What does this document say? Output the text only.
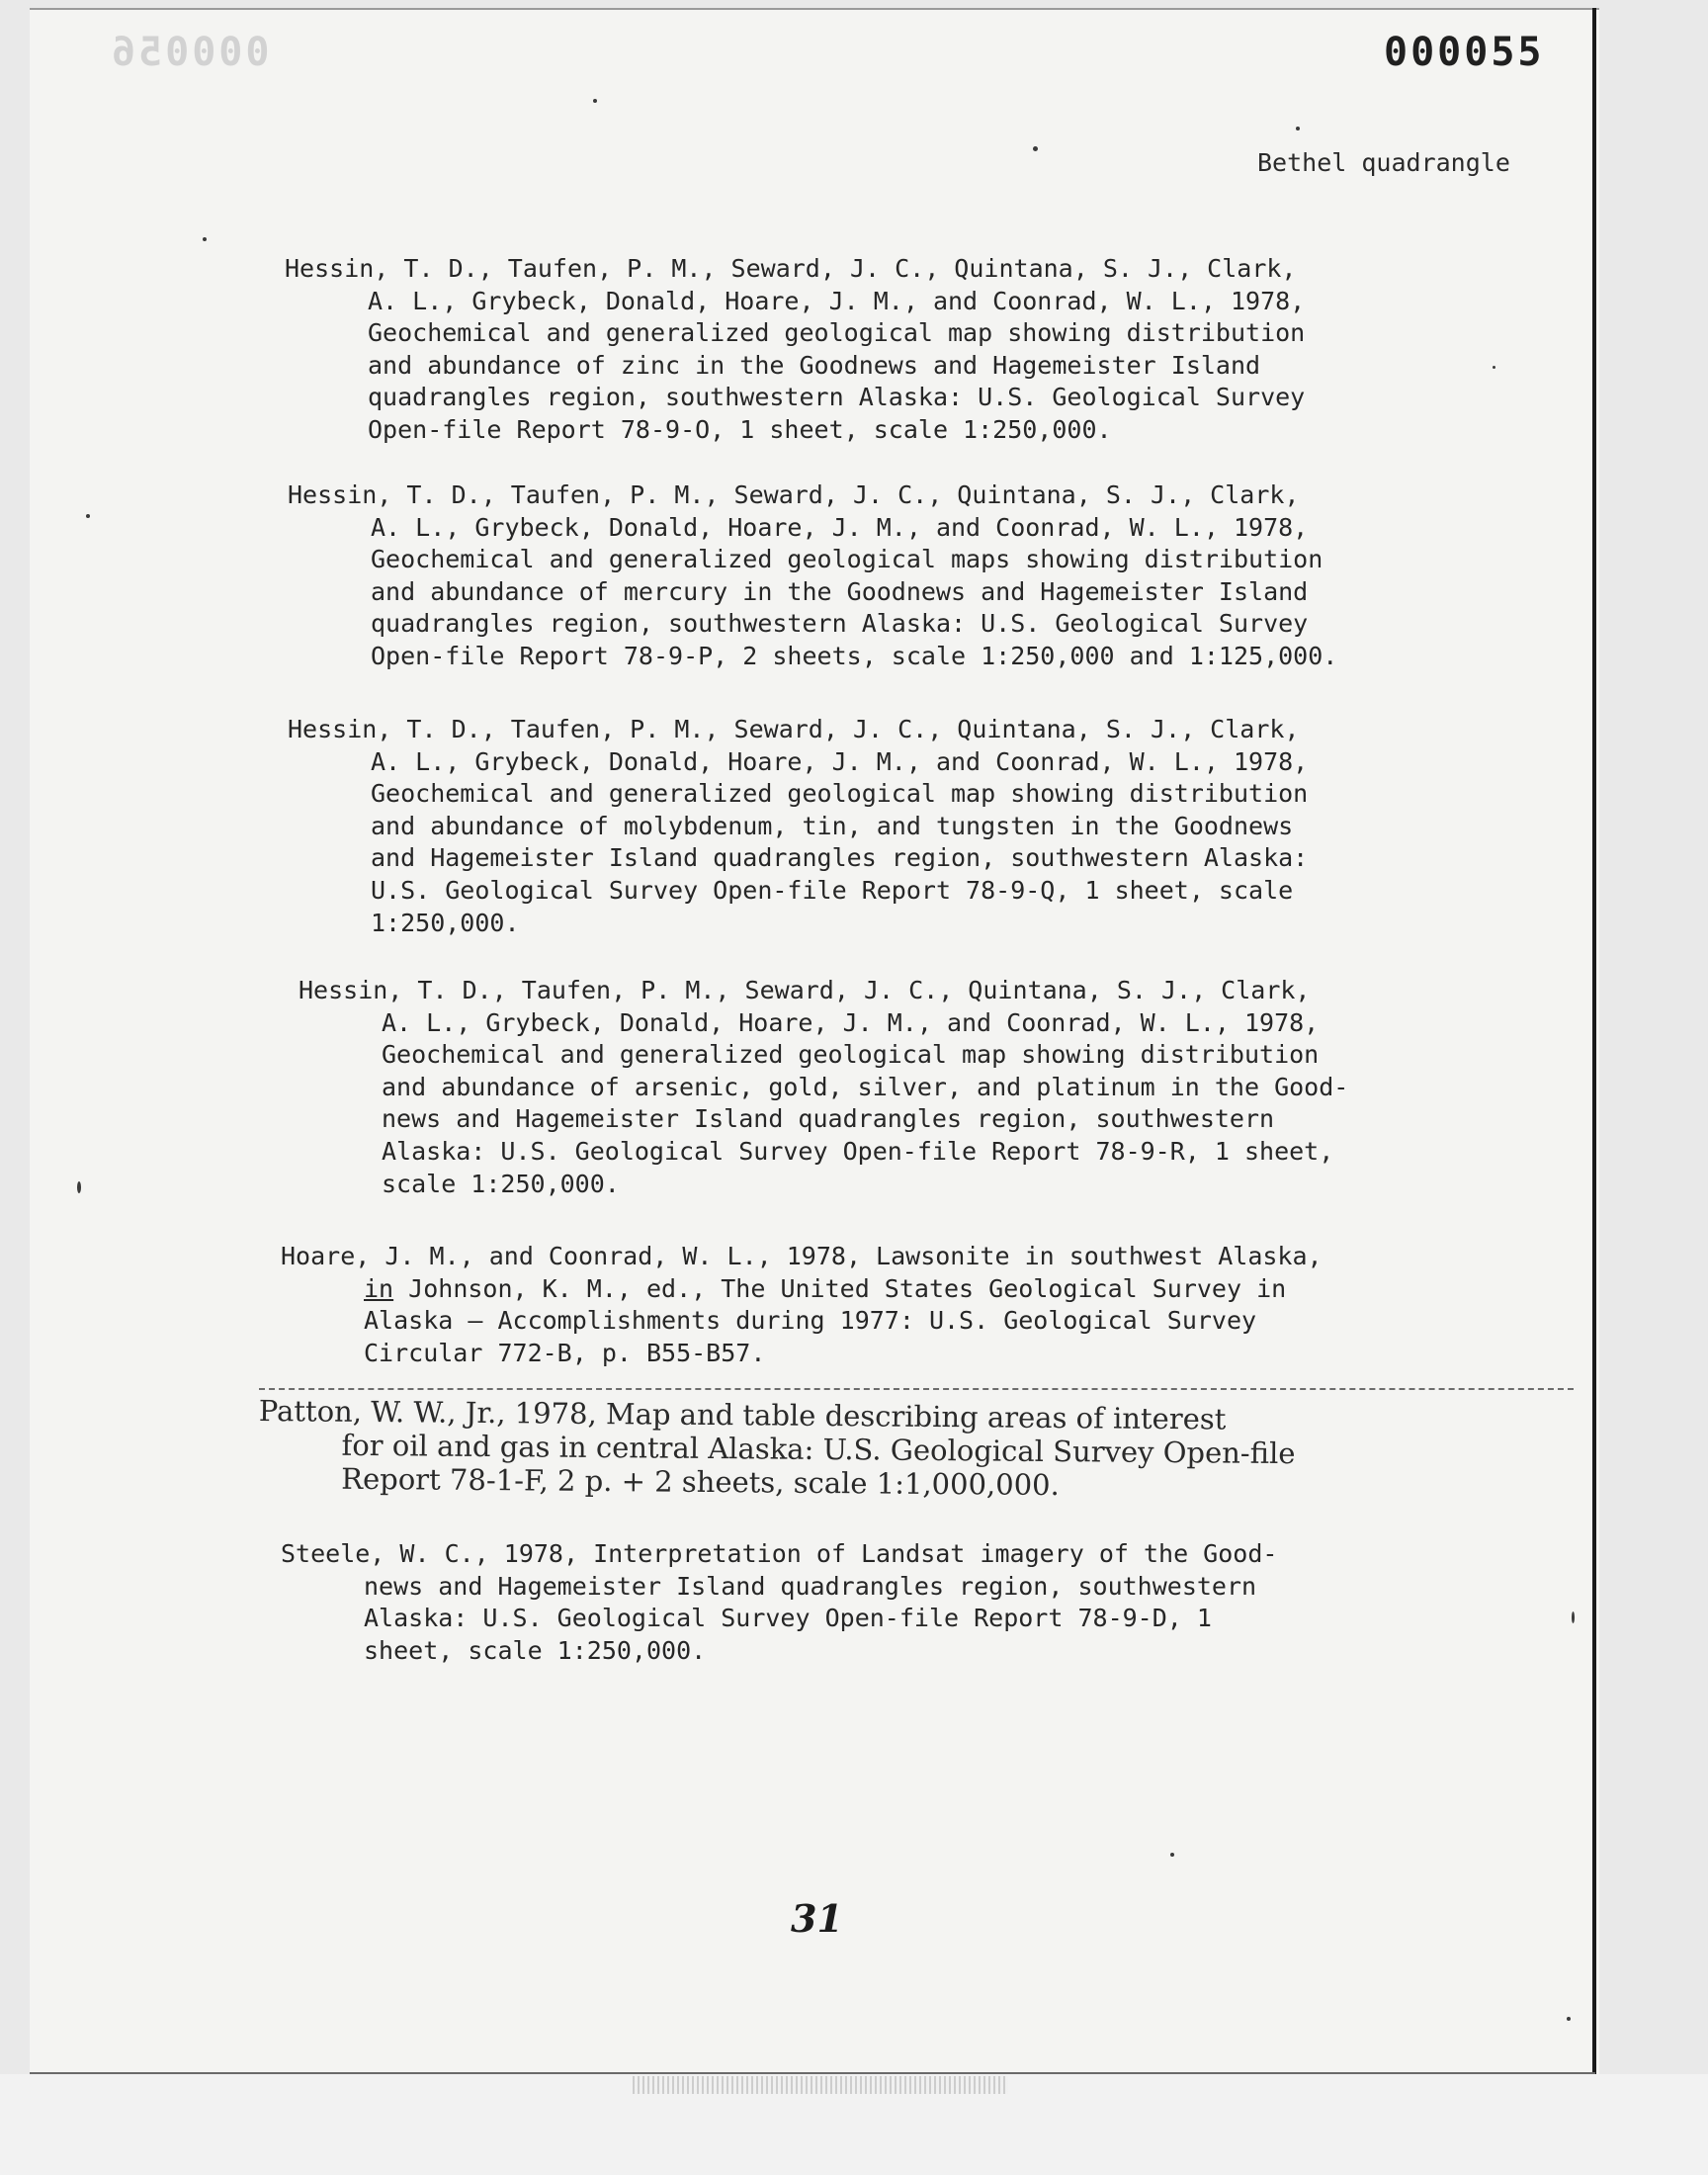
000056	000055
Bethel quadrangle
Hessin, T. D., Taufen, P. M., Seward, J. C., Quintana, S. J., Clark,
A. L., Grybeck, Donald, Hoare, J. M., and Coonrad, W. L., 1978,
Geochemical and generalized geological map showing distribution
and abundance of zinc in the Goodnews and Hagemeister Island
quadrangles region, southwestern Alaska: U.S. Geological Survey
Open-file Report 78-9-O, 1 sheet, scale 1:250,000.
Hessin, T. D., Taufen, P. M., Seward, J. C., Quintana, S. J., Clark,
A. L., Grybeck, Donald, Hoare, J. M., and Coonrad, W. L., 1978,
Geochemical and generalized geological maps showing distribution
and abundance of mercury in the Goodnews and Hagemeister Island
quadrangles region, southwestern Alaska: U.S. Geological Survey
Open-file Report 78-9-P, 2 sheets, scale 1:250,000 and 1:125,000.
Hessin, T. D., Taufen, P. M., Seward, J. C., Quintana, S. J., Clark,
A. L., Grybeck, Donald, Hoare, J. M., and Coonrad, W. L., 1978,
Geochemical and generalized geological map showing distribution
and abundance of molybdenum, tin, and tungsten in the Goodnews
and Hagemeister Island quadrangles region, southwestern Alaska:
U.S. Geological Survey Open-file Report 78-9-Q, 1 sheet, scale
1:250,000.
Hessin, T. D., Taufen, P. M., Seward, J. C., Quintana, S. J., Clark,
A. L., Grybeck, Donald, Hoare, J. M., and Coonrad, W. L., 1978,
Geochemical and generalized geological map showing distribution
and abundance of arsenic, gold, silver, and platinum in the Good-
news and Hagemeister Island quadrangles region, southwestern
Alaska: U.S. Geological Survey Open-file Report 78-9-R, 1 sheet,
scale 1:250,000.
Hoare, J. M., and Coonrad, W. L., 1978, Lawsonite in southwest Alaska,
in Johnson, K. M., ed., The United States Geological Survey in
Alaska — Accomplishments during 1977: U.S. Geological Survey
Circular 772-B, p. B55-B57.
Patton, W. W., Jr., 1978, Map and table describing areas of interest
for oil and gas in central Alaska: U.S. Geological Survey Open-file
Report 78-1-F, 2 p. + 2 sheets, scale 1:1,000,000.
Steele, W. C., 1978, Interpretation of Landsat imagery of the Good-
news and Hagemeister Island quadrangles region, southwestern
Alaska: U.S. Geological Survey Open-file Report 78-9-D, 1
sheet, scale 1:250,000.
31
